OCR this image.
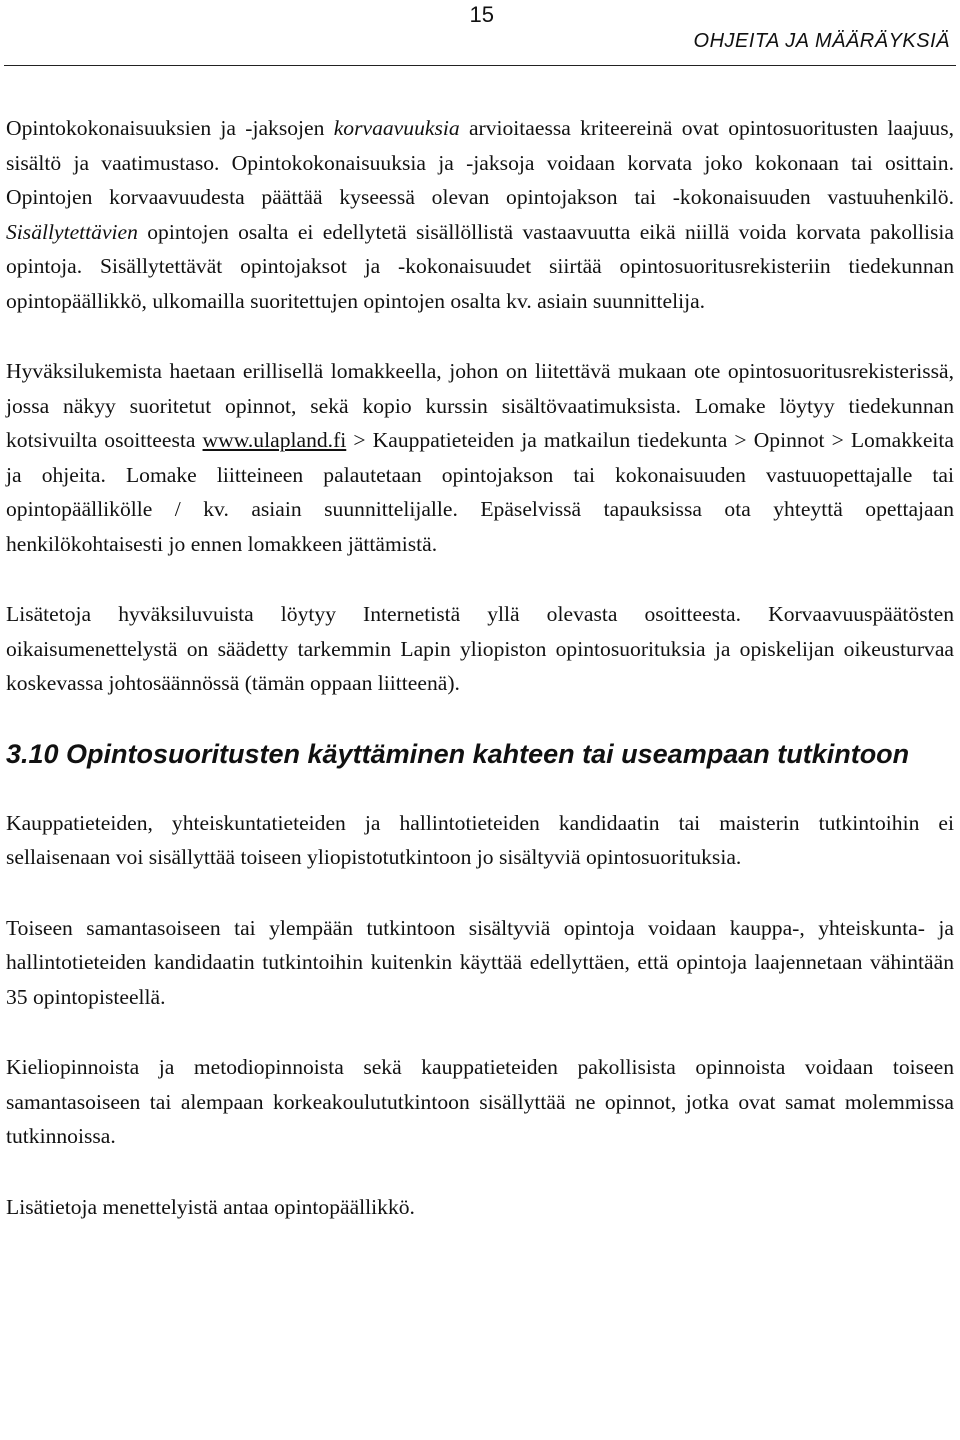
15
OHJEITA JA MÄÄRÄYKSIÄ

Opintokokonaisuuksien ja -jaksojen korvaavuuksia arvioitaessa kriteereinä ovat opintosuoritusten laajuus, sisältö ja vaatimustaso. Opintokokonaisuuksia ja -jaksoja voidaan korvata joko kokonaan tai osittain. Opintojen korvaavuudesta päättää kyseessä olevan opintojakson tai -kokonaisuuden vastuuhenkilö. Sisällytettävien opintojen osalta ei edellytetä sisällöllistä vastaavuutta eikä niillä voida korvata pakollisia opintoja. Sisällytettävät opintojaksot ja -kokonaisuudet siirtää opintosuoritusrekisteriin tiedekunnan opintopäällikkö, ulkomailla suoritettujen opintojen osalta kv. asiain suunnittelija.

Hyväksilukemista haetaan erillisellä lomakkeella, johon on liitettävä mukaan ote opintosuoritusrekisterissä, jossa näkyy suoritetut opinnot, sekä kopio kurssin sisältövaatimuksista. Lomake löytyy tiedekunnan kotsivuilta osoitteesta www.ulapland.fi > Kauppatieteiden ja matkailun tiedekunta > Opinnot > Lomakkeita ja ohjeita. Lomake liitteineen palautetaan opintojakson tai kokonaisuuden vastuuopettajalle tai opintopäällikölle / kv. asiain suunnittelijalle. Epäselvissä tapauksissa ota yhteyttä opettajaan henkilökohtaisesti jo ennen lomakkeen jättämistä.

Lisätetoja hyväksiluvuista löytyy Internetistä yllä olevasta osoitteesta. Korvaavuuspäätösten oikaisumenettelystä on säädetty tarkemmin Lapin yliopiston opintosuorituksia ja opiskelijan oikeusturvaa koskevassa johtosäännössä (tämän oppaan liitteenä).

3.10 Opintosuoritusten käyttäminen kahteen tai useampaan tutkintoon

Kauppatieteiden, yhteiskuntatieteiden ja hallintotieteiden kandidaatin tai maisterin tutkintoihin ei sellaisenaan voi sisällyttää toiseen yliopistotutkintoon jo sisältyviä opintosuorituksia.

Toiseen samantasoiseen tai ylempään tutkintoon sisältyviä opintoja voidaan kauppa-, yhteiskunta- ja hallintotieteiden kandidaatin tutkintoihin kuitenkin käyttää edellyttäen, että opintoja laajennetaan vähintään 35 opintopisteellä.

Kieliopinnoista ja metodiopinnoista sekä kauppatieteiden pakollisista opinnoista voidaan toiseen samantasoiseen tai alempaan korkeakoulututkintoon sisällyttää ne opinnot, jotka ovat samat molemmissa tutkinnoissa.

Lisätietoja menettelyistä antaa opintopäällikkö.
